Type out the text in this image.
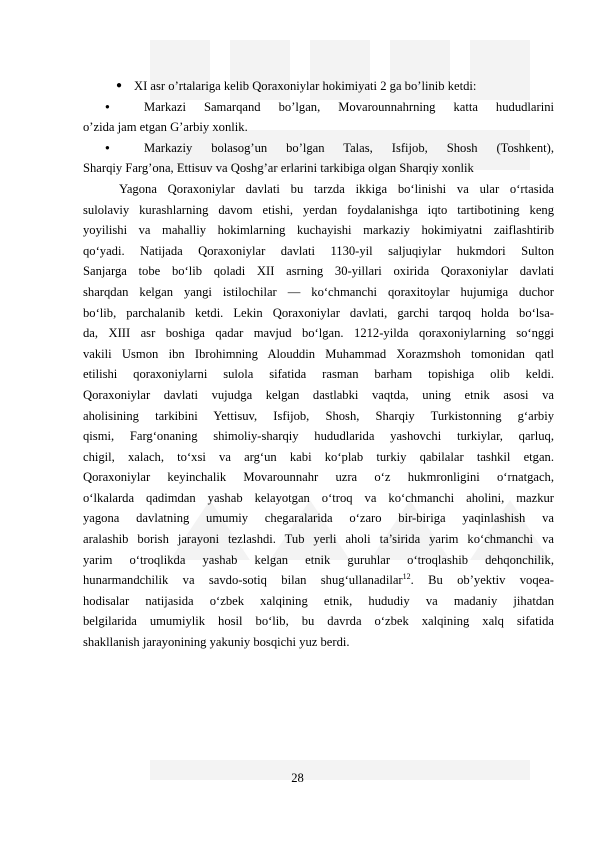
● XI asr o’rtalariga kelib Qoraxoniylar hokimiyati 2 ga bo’linib ketdi:
●	Markazi Samarqand bo’lgan, Movarounnahrning katta hududlarini
o’zida jam etgan G’arbiy xonlik.
●	Markaziy bolasog’un bo’lgan Talas, Isfijob, Shosh (Toshkent),
Sharqiy Farg’ona, Ettisuv va Qoshg’ar erlarini tarkibiga olgan Sharqiy xonlik
Yagona Qoraxoniylar davlati bu tarzda ikkiga bo‘linishi va ular o‘rtasida
sulolaviy kurashlarning davom etishi, yerdan foydalanishga iqto tartibotining keng
yoyilishi va mahalliy hokimlarning kuchayishi markaziy hokimiyatni zaiflashtirib
qo‘yadi. Natijada Qoraxoniylar davlati 1130-yil saljuqiylar hukmdori Sulton
Sanjarga tobe bo‘lib qoladi XII asrning 30-yillari oxirida Qoraxoniylar davlati
sharqdan kelgan yangi istilochilar — ko‘chmanchi qoraxitoylar hujumiga duchor
bo‘lib, parchalanib ketdi. Lekin Qoraxoniylar davlati, garchi tarqoq holda bo‘lsa-
da, XIII asr boshiga qadar mavjud bo‘lgan. 1212-yilda qoraxoniylarning so‘nggi
vakili Usmon ibn Ibrohimning Alouddin Muhammad Xorazmshoh tomonidan qatl
etilishi qoraxoniylarni sulola sifatida rasman barham topishiga olib keldi.
Qoraxoniylar davlati vujudga kelgan dastlabki vaqtda, uning etnik asosi va
aholisining tarkibini Yettisuv, Isfijob, Shosh, Sharqiy Turkistonning g‘arbiy
qismi, Farg‘onaning shimoliy-sharqiy hududlarida yashovchi turkiylar, qarluq,
chigil, xalach, to‘xsi va arg‘un kabi ko‘plab turkiy qabilalar tashkil etgan.
Qoraxoniylar keyinchalik Movarounnahr uzra o‘z hukmronligini o‘rnatgach,
o‘lkalarda qadimdan yashab kelayotgan o‘troq va ko‘chmanchi aholini, mazkur
yagona davlatning umumiy chegaralarida o‘zaro bir-biriga yaqinlashish va
aralashib borish jarayoni tezlashdi. Tub yerli aholi ta’sirida yarim ko‘chmanchi va
yarim o‘troqlikda yashab kelgan etnik guruhlar o‘troqlashib dehqonchilik,
hunarmandchilik va savdo-sotiq bilan shug‘ullanadilar$^{12}$. Bu ob’yektiv voqea-
hodisalar natijasida o‘zbek xalqining etnik, hududiy va madaniy jihatdan
belgilarida umumiylik hosil bo‘lib, bu davrda o‘zbek xalqining xalq sifatida
shakllanish jarayonining yakuniy bosqichi yuz berdi.
28
